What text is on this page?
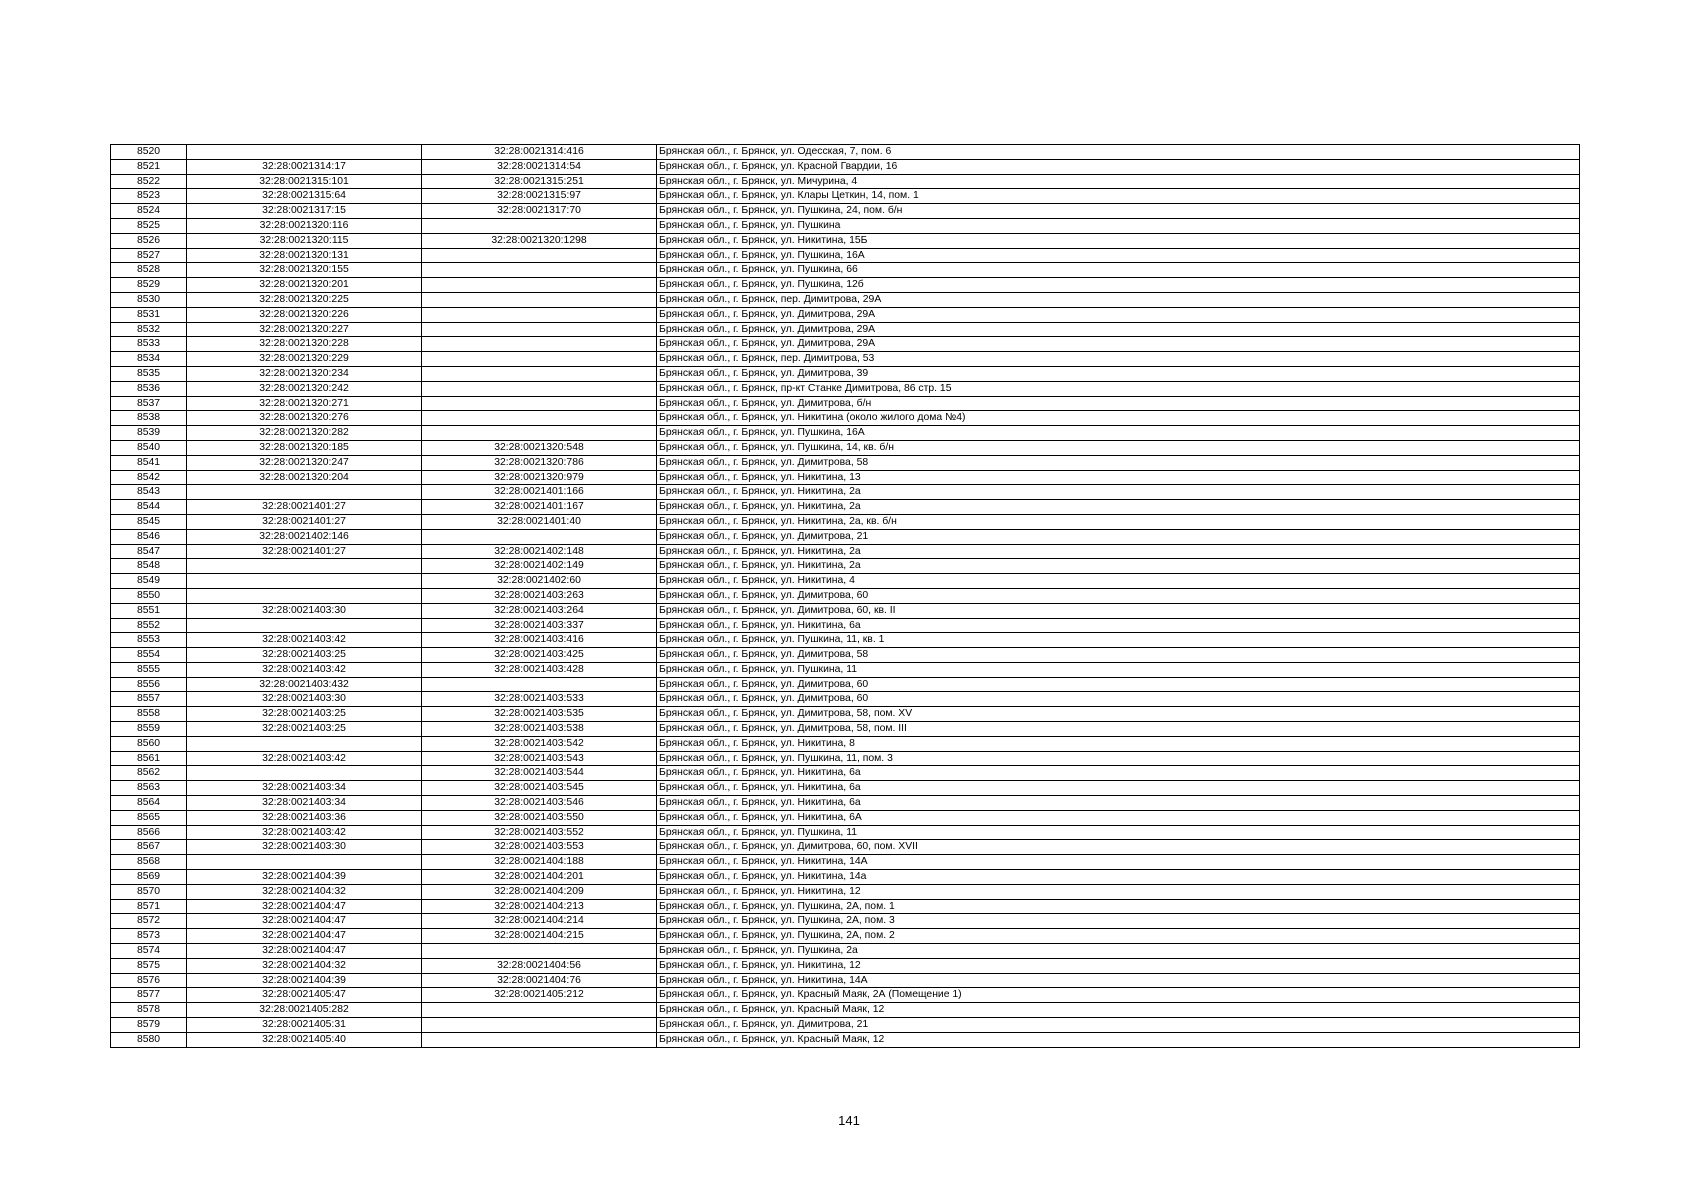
8520		32:28:0021314:416	Брянская обл., г. Брянск, ул. Одесская, 7, пом. 6
8521	32:28:0021314:17	32:28:0021314:54	Брянская обл., г. Брянск, ул. Красной Гвардии, 16
8522	32:28:0021315:101	32:28:0021315:251	Брянская обл., г. Брянск, ул. Мичурина, 4
8523	32:28:0021315:64	32:28:0021315:97	Брянская обл., г. Брянск, ул. Клары Цеткин, 14, пом. 1
8524	32:28:0021317:15	32:28:0021317:70	Брянская обл., г. Брянск, ул. Пушкина, 24, пом. б/н
8525	32:28:0021320:116		Брянская обл., г. Брянск, ул. Пушкина
8526	32:28:0021320:115	32:28:0021320:1298	Брянская обл., г. Брянск, ул. Никитина, 15Б
8527	32:28:0021320:131		Брянская обл., г. Брянск, ул. Пушкина, 16А
8528	32:28:0021320:155		Брянская обл., г. Брянск, ул. Пушкина, 66
8529	32:28:0021320:201		Брянская обл., г. Брянск, ул. Пушкина, 12б
8530	32:28:0021320:225		Брянская обл., г. Брянск, пер. Димитрова, 29А
8531	32:28:0021320:226		Брянская обл., г. Брянск, ул. Димитрова, 29А
8532	32:28:0021320:227		Брянская обл., г. Брянск, ул. Димитрова, 29А
8533	32:28:0021320:228		Брянская обл., г. Брянск, ул. Димитрова, 29А
8534	32:28:0021320:229		Брянская обл., г. Брянск, пер. Димитрова, 53
8535	32:28:0021320:234		Брянская обл., г. Брянск, ул. Димитрова, 39
8536	32:28:0021320:242		Брянская обл., г. Брянск, пр-кт Станке Димитрова, 86 стр. 15
8537	32:28:0021320:271		Брянская обл., г. Брянск, ул. Димитрова, б/н
8538	32:28:0021320:276		Брянская обл., г. Брянск, ул. Никитина (около жилого дома №4)
8539	32:28:0021320:282		Брянская обл., г. Брянск, ул. Пушкина, 16А
8540	32:28:0021320:185	32:28:0021320:548	Брянская обл., г. Брянск, ул. Пушкина, 14, кв. б/н
8541	32:28:0021320:247	32:28:0021320:786	Брянская обл., г. Брянск, ул. Димитрова, 58
8542	32:28:0021320:204	32:28:0021320:979	Брянская обл., г. Брянск, ул. Никитина, 13
8543		32:28:0021401:166	Брянская обл., г. Брянск, ул. Никитина, 2а
8544	32:28:0021401:27	32:28:0021401:167	Брянская обл., г. Брянск, ул. Никитина, 2а
8545	32:28:0021401:27	32:28:0021401:40	Брянская обл., г. Брянск, ул. Никитина, 2а, кв. б/н
8546	32:28:0021402:146		Брянская обл., г. Брянск, ул. Димитрова, 21
8547	32:28:0021401:27	32:28:0021402:148	Брянская обл., г. Брянск, ул. Никитина, 2а
8548		32:28:0021402:149	Брянская обл., г. Брянск, ул. Никитина, 2а
8549		32:28:0021402:60	Брянская обл., г. Брянск, ул. Никитина, 4
8550		32:28:0021403:263	Брянская обл., г. Брянск, ул. Димитрова, 60
8551	32:28:0021403:30	32:28:0021403:264	Брянская обл., г. Брянск, ул. Димитрова, 60, кв. II
8552		32:28:0021403:337	Брянская обл., г. Брянск, ул. Никитина, 6а
8553	32:28:0021403:42	32:28:0021403:416	Брянская обл., г. Брянск, ул. Пушкина, 11, кв. 1
8554	32:28:0021403:25	32:28:0021403:425	Брянская обл., г. Брянск, ул. Димитрова, 58
8555	32:28:0021403:42	32:28:0021403:428	Брянская обл., г. Брянск, ул. Пушкина, 11
8556	32:28:0021403:432		Брянская обл., г. Брянск, ул. Димитрова, 60
8557	32:28:0021403:30	32:28:0021403:533	Брянская обл., г. Брянск, ул. Димитрова, 60
8558	32:28:0021403:25	32:28:0021403:535	Брянская обл., г. Брянск, ул. Димитрова, 58, пом. XV
8559	32:28:0021403:25	32:28:0021403:538	Брянская обл., г. Брянск, ул. Димитрова, 58, пом. III
8560		32:28:0021403:542	Брянская обл., г. Брянск, ул. Никитина, 8
8561	32:28:0021403:42	32:28:0021403:543	Брянская обл., г. Брянск, ул. Пушкина, 11, пом. 3
8562		32:28:0021403:544	Брянская обл., г. Брянск, ул. Никитина, 6а
8563	32:28:0021403:34	32:28:0021403:545	Брянская обл., г. Брянск, ул. Никитина, 6а
8564	32:28:0021403:34	32:28:0021403:546	Брянская обл., г. Брянск, ул. Никитина, 6а
8565	32:28:0021403:36	32:28:0021403:550	Брянская обл., г. Брянск, ул. Никитина, 6А
8566	32:28:0021403:42	32:28:0021403:552	Брянская обл., г. Брянск, ул. Пушкина, 11
8567	32:28:0021403:30	32:28:0021403:553	Брянская обл., г. Брянск, ул. Димитрова, 60, пом. XVII
8568		32:28:0021404:188	Брянская обл., г. Брянск, ул. Никитина, 14А
8569	32:28:0021404:39	32:28:0021404:201	Брянская обл., г. Брянск, ул. Никитина, 14а
8570	32:28:0021404:32	32:28:0021404:209	Брянская обл., г. Брянск, ул. Никитина, 12
8571	32:28:0021404:47	32:28:0021404:213	Брянская обл., г. Брянск, ул. Пушкина, 2А, пом. 1
8572	32:28:0021404:47	32:28:0021404:214	Брянская обл., г. Брянск, ул. Пушкина, 2А, пом. 3
8573	32:28:0021404:47	32:28:0021404:215	Брянская обл., г. Брянск, ул. Пушкина, 2А, пом. 2
8574	32:28:0021404:47		Брянская обл., г. Брянск, ул. Пушкина, 2а
8575	32:28:0021404:32	32:28:0021404:56	Брянская обл., г. Брянск, ул. Никитина, 12
8576	32:28:0021404:39	32:28:0021404:76	Брянская обл., г. Брянск, ул. Никитина, 14А
8577	32:28:0021405:47	32:28:0021405:212	Брянская обл., г. Брянск, ул. Красный Маяк, 2А (Помещение 1)
8578	32:28:0021405:282		Брянская обл., г. Брянск, ул. Красный Маяк, 12
8579	32:28:0021405:31		Брянская обл., г. Брянск, ул. Димитрова, 21
8580	32:28:0021405:40		Брянская обл., г. Брянск, ул. Красный Маяк, 12
141
